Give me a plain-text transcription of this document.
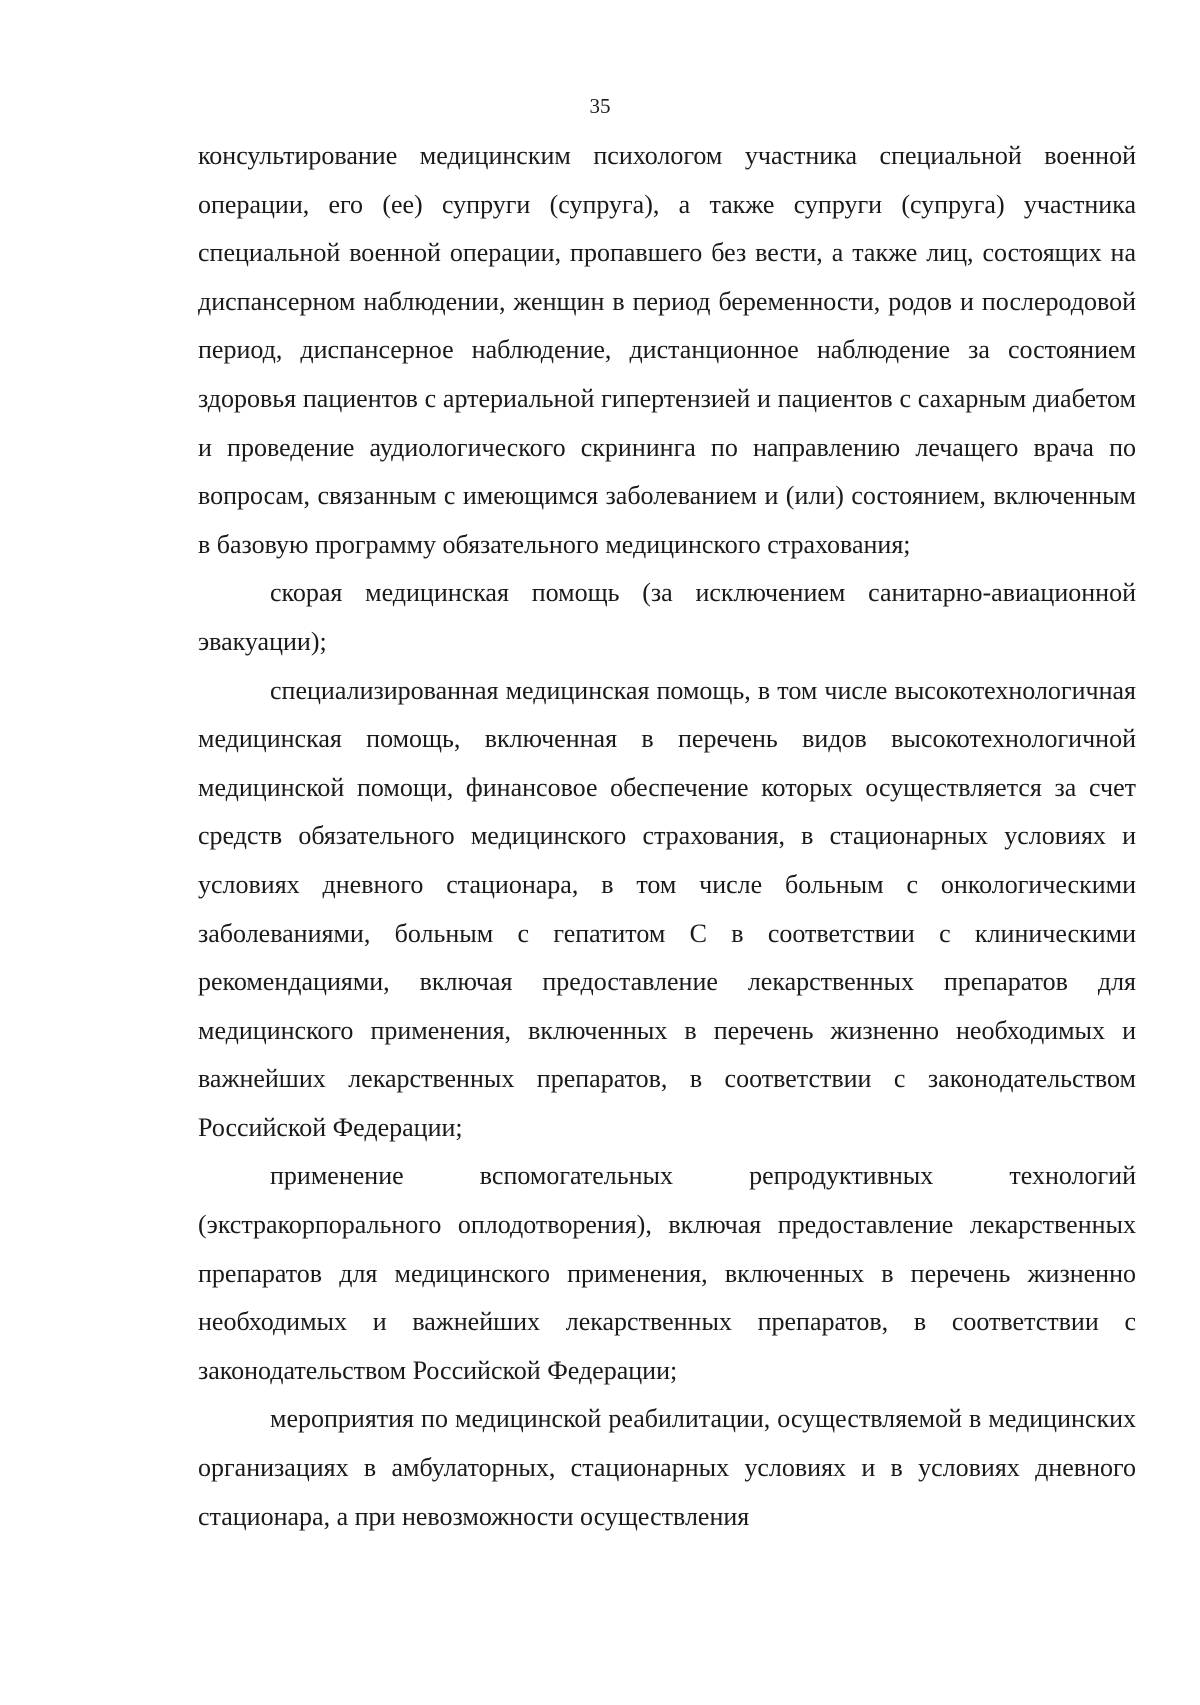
35

консультирование медицинским психологом участника специальной военной операции, его (ее) супруги (супруга), а также супруги (супруга) участника специальной военной операции, пропавшего без вести, а также лиц, состоящих на диспансерном наблюдении, женщин в период беременности, родов и послеродовой период, диспансерное наблюдение, дистанционное наблюдение за состоянием здоровья пациентов с артериальной гипертензией и пациентов с сахарным диабетом и проведение аудиологического скрининга по направлению лечащего врача по вопросам, связанным с имеющимся заболеванием и (или) состоянием, включенным в базовую программу обязательного медицинского страхования;

скорая медицинская помощь (за исключением санитарно-авиационной эвакуации);

специализированная медицинская помощь, в том числе высокотехнологичная медицинская помощь, включенная в перечень видов высокотехнологичной медицинской помощи, финансовое обеспечение которых осуществляется за счет средств обязательного медицинского страхования, в стационарных условиях и условиях дневного стационара, в том числе больным с онкологическими заболеваниями, больным с гепатитом С в соответствии с клиническими рекомендациями, включая предоставление лекарственных препаратов для медицинского применения, включенных в перечень жизненно необходимых и важнейших лекарственных препаратов, в соответствии с законодательством Российской Федерации;

применение вспомогательных репродуктивных технологий (экстракорпорального оплодотворения), включая предоставление лекарственных препаратов для медицинского применения, включенных в перечень жизненно необходимых и важнейших лекарственных препаратов, в соответствии с законодательством Российской Федерации;

мероприятия по медицинской реабилитации, осуществляемой в медицинских организациях в амбулаторных, стационарных условиях и в условиях дневного стационара, а при невозможности осуществления
